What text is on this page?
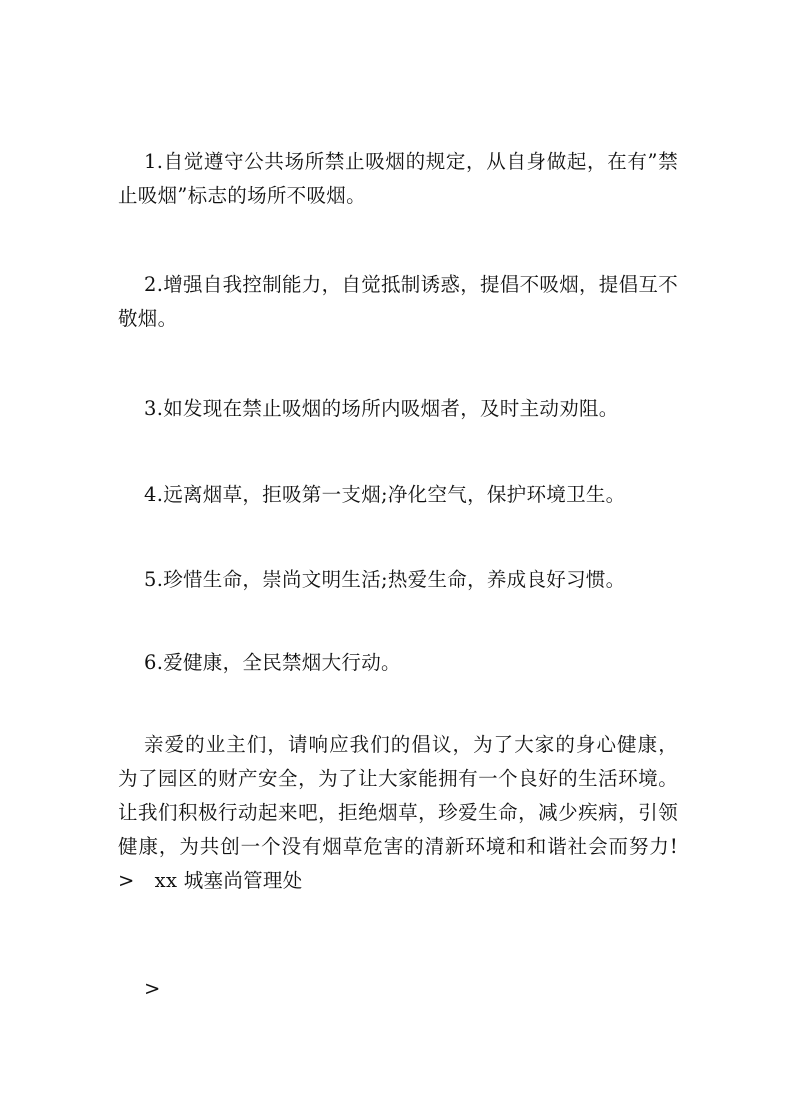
1.自觉遵守公共场所禁止吸烟的规定，从自身做起，在有”禁止吸烟”标志的场所不吸烟。

2.增强自我控制能力，自觉抵制诱惑，提倡不吸烟，提倡互不敬烟。

3.如发现在禁止吸烟的场所内吸烟者，及时主动劝阻。

4.远离烟草，拒吸第一支烟;净化空气，保护环境卫生。

5.珍惜生命，崇尚文明生活;热爱生命，养成良好习惯。

6.爱健康，全民禁烟大行动。

亲爱的业主们，请响应我们的倡议，为了大家的身心健康，为了园区的财产安全，为了让大家能拥有一个良好的生活环境。让我们积极行动起来吧，拒绝烟草，珍爱生命，减少疾病，引领健康，为共创一个没有烟草危害的清新环境和和谐社会而努力! > xx 城塞尚管理处

>
